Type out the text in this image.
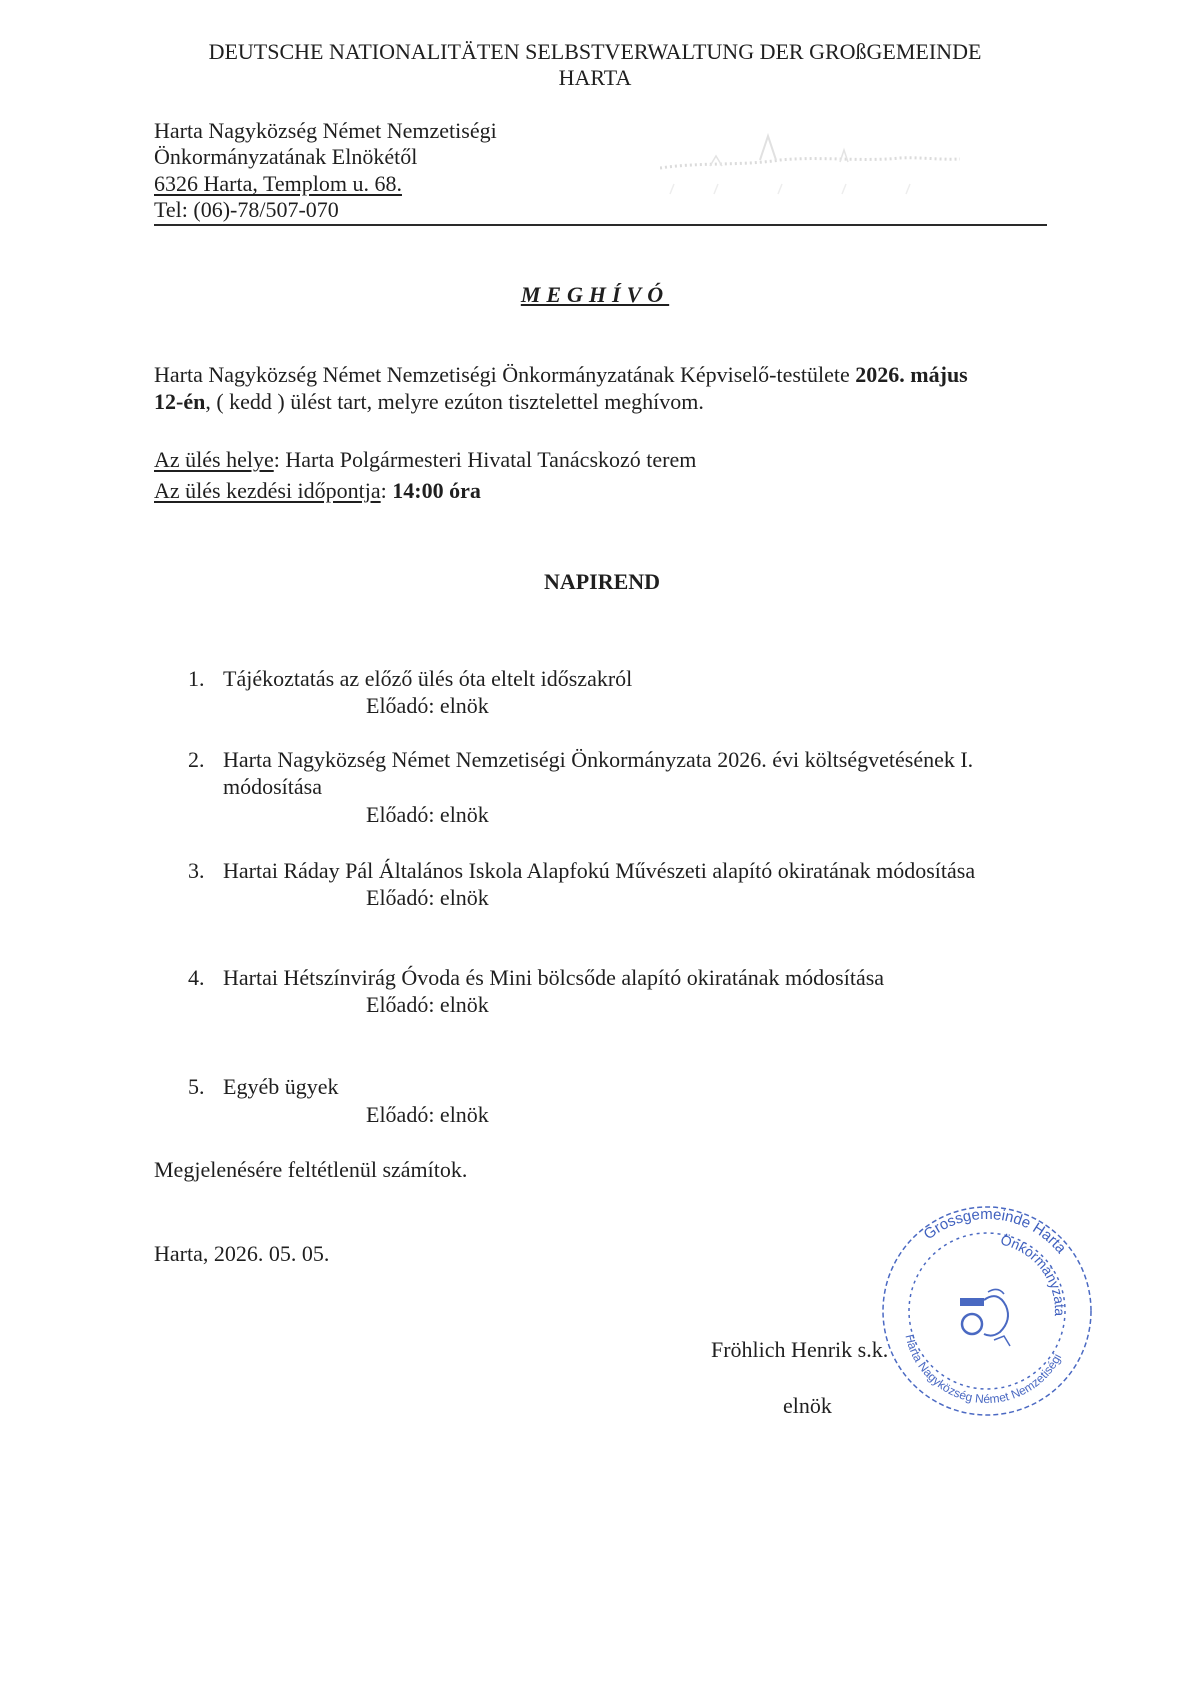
DEUTSCHE NATIONALITÄTEN SELBSTVERWALTUNG DER GROßGEMEINDE
HARTA
Harta Nagyközség Német Nemzetiségi
Önkormányzatának Elnökétől
6326 Harta, Templom u. 68.
Tel: (06)-78/507-070
MEGHÍVÓ
Harta Nagyközség Német Nemzetiségi Önkormányzatának Képviselő-testülete 2026. május
12-én, ( kedd ) ülést tart, melyre ezúton tisztelettel meghívom.
Az ülés helye: Harta Polgármesteri Hivatal Tanácskozó terem
Az ülés kezdési időpontja: 14:00 óra
NAPIREND
1. Tájékoztatás az előző ülés óta eltelt időszakról
Előadó: elnök
2. Harta Nagyközség Német Nemzetiségi Önkormányzata 2026. évi költségvetésének I.
módosítása
Előadó: elnök
3. Hartai Ráday Pál Általános Iskola Alapfokú Művészeti alapító okiratának módosítása
Előadó: elnök
4. Hartai Hétszínvirág Óvoda és Mini bölcsőde alapító okiratának módosítása
Előadó: elnök
5. Egyéb ügyek
Előadó: elnök
Megjelenésére feltétlenül számítok.
Harta, 2026. 05. 05.
Grossgemeinde Harta
Önkormányzata
Harta Nagyközség Német Nemzetiségi
Fröhlich Henrik s.k.
elnök
